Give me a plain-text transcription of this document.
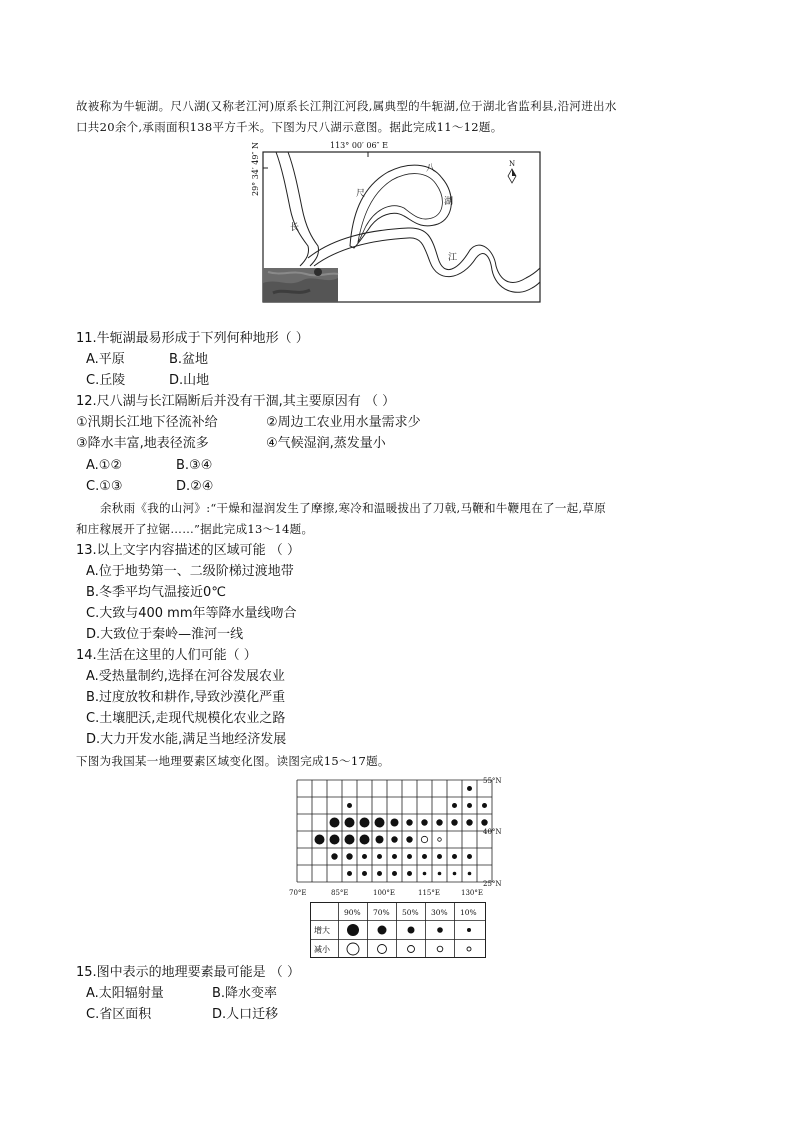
故被称为牛轭湖。尺八湖(又称老江河)原系长江荆江河段,属典型的牛轭湖,位于湖北省监利县,沿河进出水
口共20余个,承雨面积138平方千米。下图为尺八湖示意图。据此完成11～12题。
113° 00′ 06″ E
29° 34′ 49″ N	N
尺
八
湖
长
江
11.牛轭湖最易形成于下列何种地形（ ）
A.平原	B.盆地
C.丘陵	D.山地
12.尺八湖与长江隔断后并没有干涸,其主要原因有 （ ）
①汛期长江地下径流补给	②周边工农业用水量需求少
③降水丰富,地表径流多	④气候湿润,蒸发量小
A.①②	B.③④
C.①③	D.②④
余秋雨《我的山河》:“干燥和湿润发生了摩擦,寒冷和温暖拔出了刀戟,马鞭和牛鞭甩在了一起,草原
和庄稼展开了拉锯……”据此完成13～14题。
13.以上文字内容描述的区域可能 （ ）
A.位于地势第一、二级阶梯过渡地带
B.冬季平均气温接近0℃
C.大致与400 mm年等降水量线吻合
D.大致位于秦岭—淮河一线
14.生活在这里的人们可能（ ）
A.受热量制约,选择在河谷发展农业
B.过度放牧和耕作,导致沙漠化严重
C.土壤肥沃,走现代规模化农业之路
D.大力开发水能,满足当地经济发展
下图为我国某一地理要素区域变化图。读图完成15～17题。
55°N
40°N
25°N
70°E	85°E	100°E	115°E	130°E
90% 70% 50% 30% 10%
增大
减小
15.图中表示的地理要素最可能是 （ ）
A.太阳辐射量	B.降水变率
C.省区面积	D.人口迁移
